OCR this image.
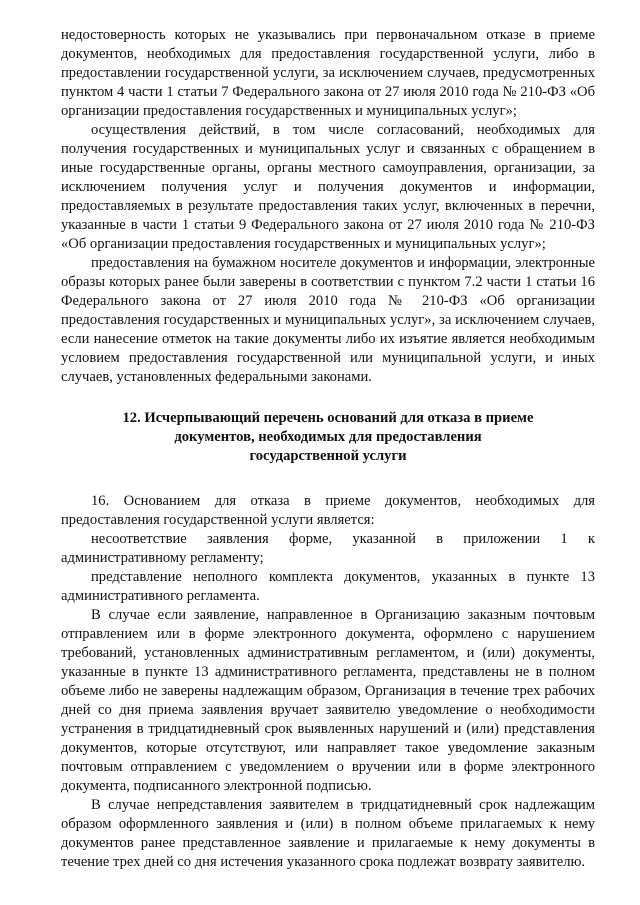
недостоверность которых не указывались при первоначальном отказе в приеме документов, необходимых для предоставления государственной услуги, либо в предоставлении государственной услуги, за исключением случаев, предусмотренных пунктом 4 части 1 статьи 7 Федерального закона от 27 июля 2010 года № 210-ФЗ «Об организации предоставления государственных и муниципальных услуг»;

осуществления действий, в том числе согласований, необходимых для получения государственных и муниципальных услуг и связанных с обращением в иные государственные органы, органы местного самоуправления, организации, за исключением получения услуг и получения документов и информации, предоставляемых в результате предоставления таких услуг, включенных в перечни, указанные в части 1 статьи 9 Федерального закона от 27 июля 2010 года № 210-ФЗ «Об организации предоставления государственных и муниципальных услуг»;

предоставления на бумажном носителе документов и информации, электронные образы которых ранее были заверены в соответствии с пунктом 7.2 части 1 статьи 16 Федерального закона от 27 июля 2010 года № 210-ФЗ «Об организации предоставления государственных и муниципальных услуг», за исключением случаев, если нанесение отметок на такие документы либо их изъятие является необходимым условием предоставления государственной или муниципальной услуги, и иных случаев, установленных федеральными законами.

12. Исчерпывающий перечень оснований для отказа в приеме
документов, необходимых для предоставления
государственной услуги

16. Основанием для отказа в приеме документов, необходимых для предоставления государственной услуги является:

несоответствие заявления форме, указанной в приложении 1 к административному регламенту;

представление неполного комплекта документов, указанных в пункте 13 административного регламента.

В случае если заявление, направленное в Организацию заказным почтовым отправлением или в форме электронного документа, оформлено с нарушением требований, установленных административным регламентом, и (или) документы, указанные в пункте 13 административного регламента, представлены не в полном объеме либо не заверены надлежащим образом, Организация в течение трех рабочих дней со дня приема заявления вручает заявителю уведомление о необходимости устранения в тридцатидневный срок выявленных нарушений и (или) представления документов, которые отсутствуют, или направляет такое уведомление заказным почтовым отправлением с уведомлением о вручении или в форме электронного документа, подписанного электронной подписью.

В случае непредставления заявителем в тридцатидневный срок надлежащим образом оформленного заявления и (или) в полном объеме прилагаемых к нему документов ранее представленное заявление и прилагаемые к нему документы в течение трех дней со дня истечения указанного срока подлежат возврату заявителю.
